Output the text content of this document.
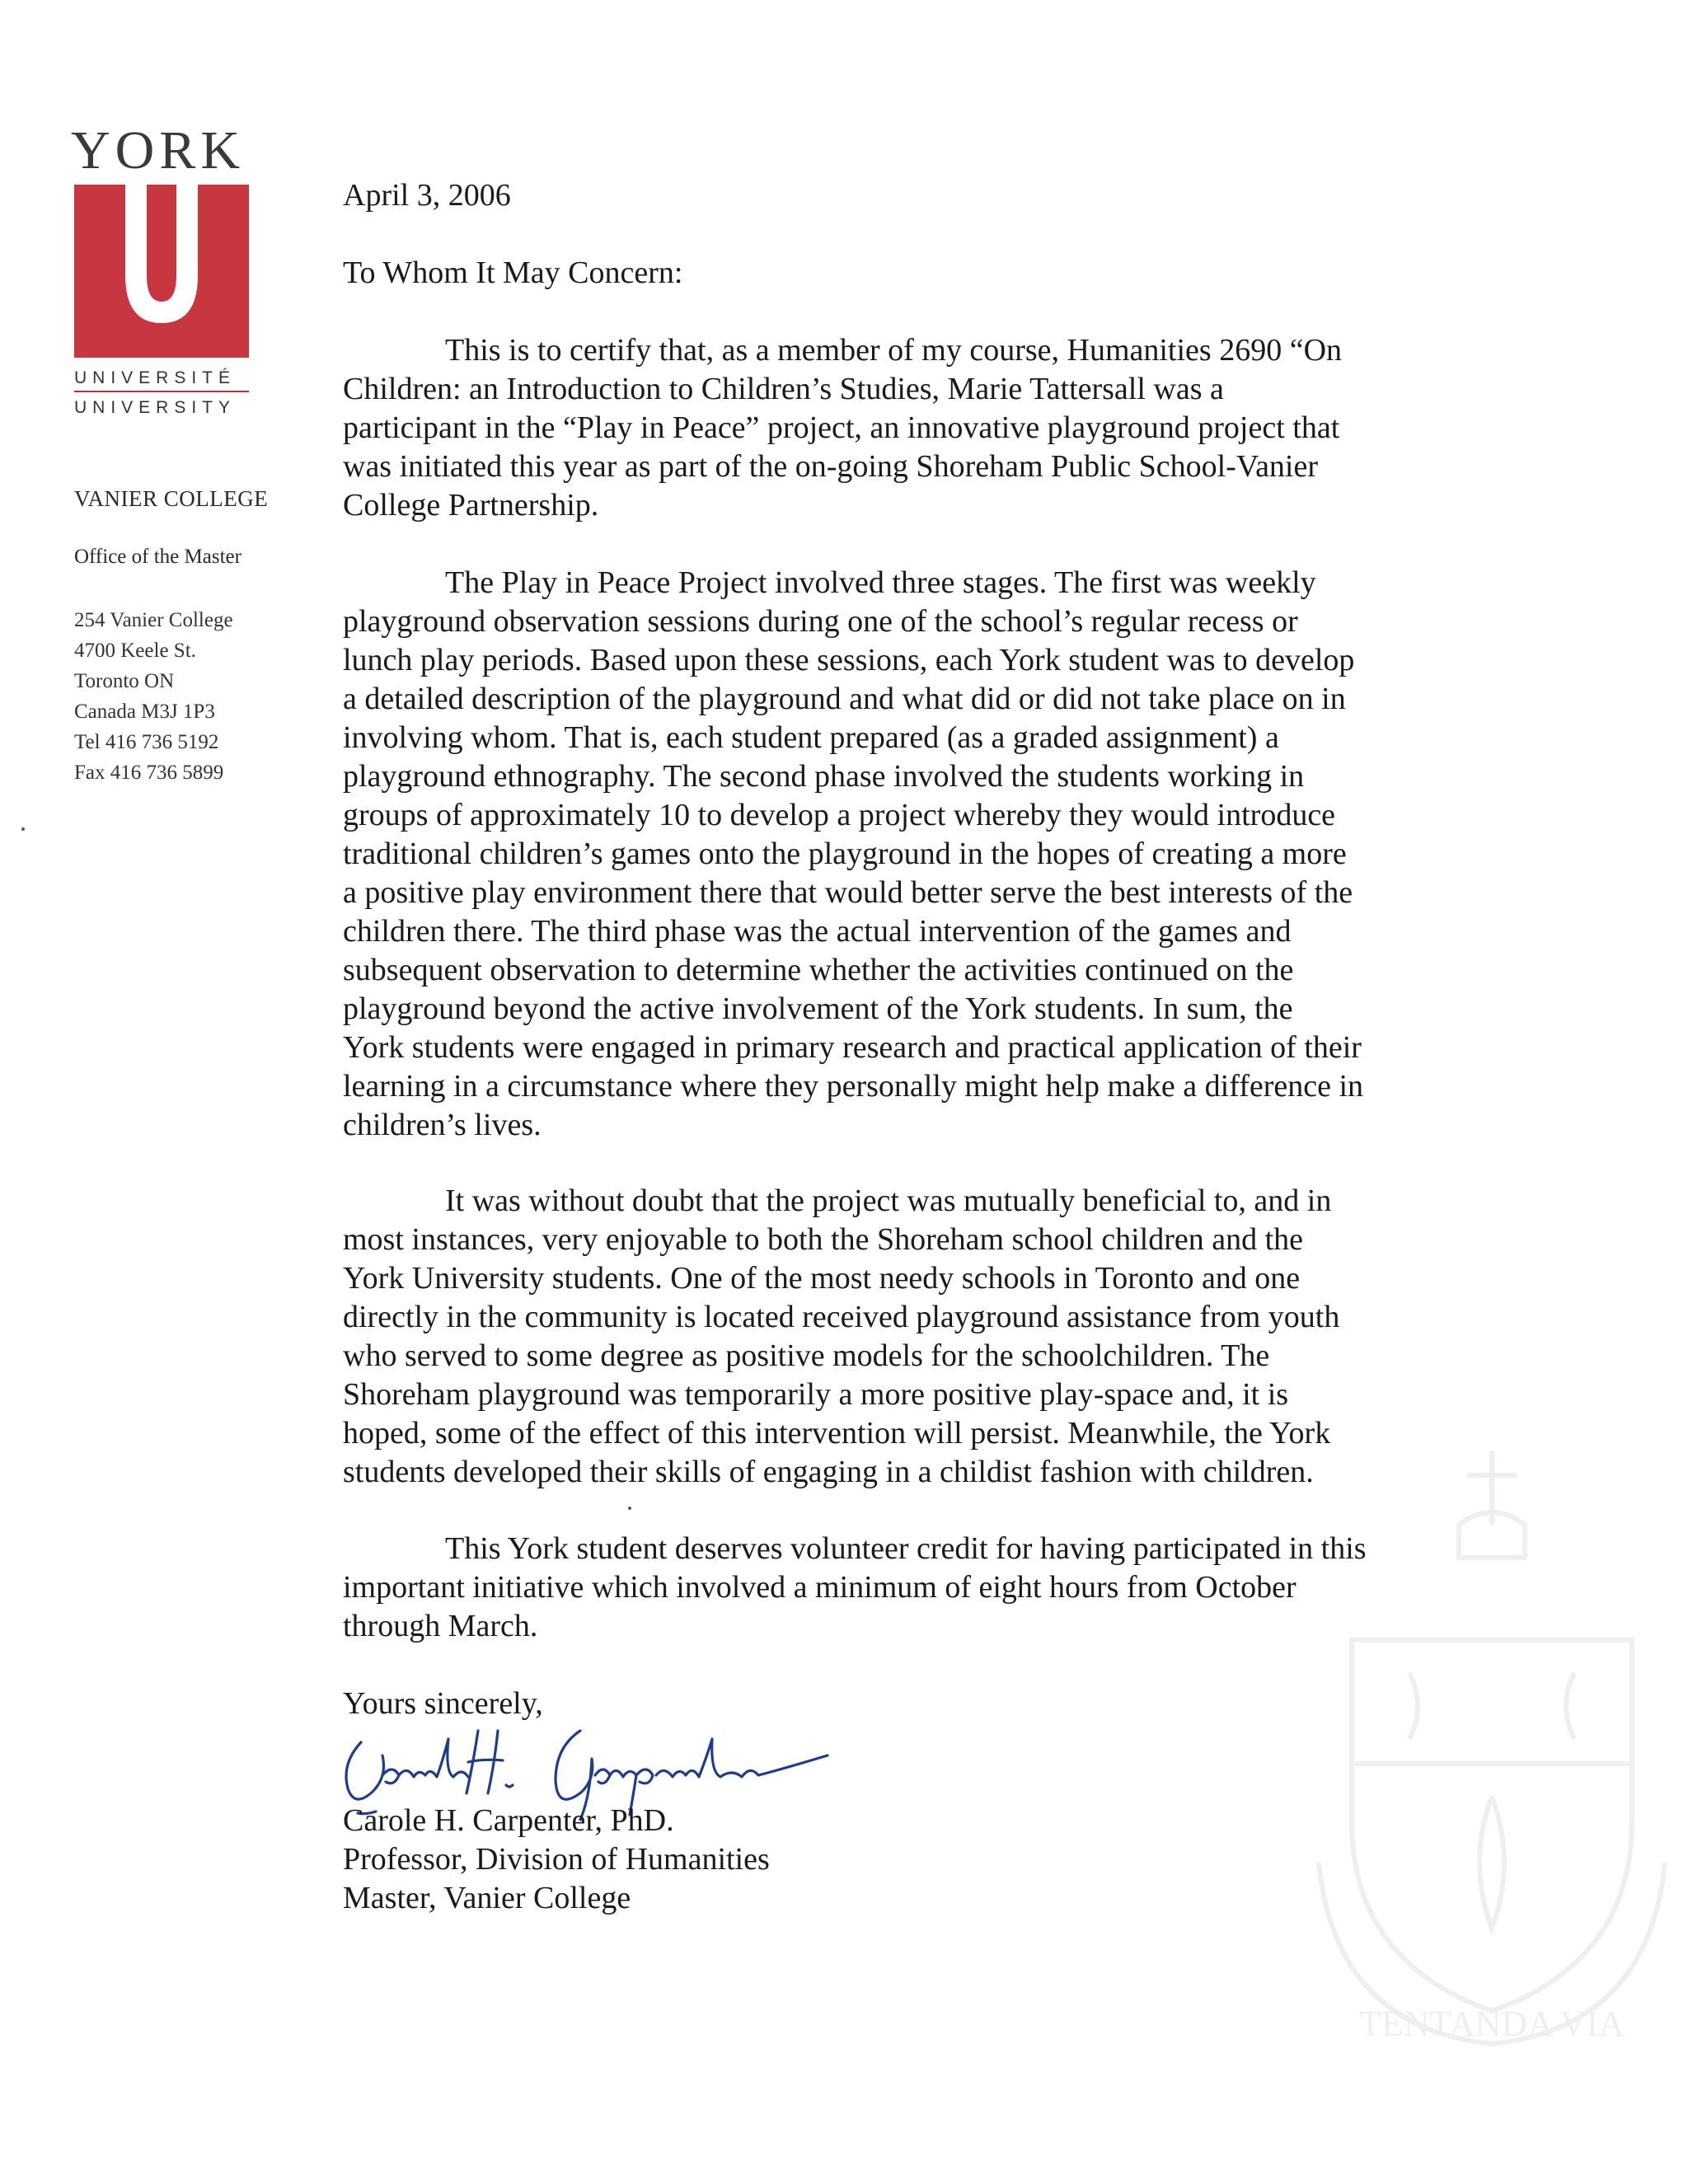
YORK
UNIVERSITÉ
UNIVERSITY
VANIER COLLEGE
Office of the Master
254 Vanier College
4700 Keele St.
Toronto ON
Canada M3J 1P3
Tel 416 736 5192
Fax 416 736 5899
TENTANDA VIA
April 3, 2006
To Whom It May Concern:
This is to certify that, as a member of my course, Humanities 2690 “On
Children: an Introduction to Children’s Studies, Marie Tattersall was a
participant in the “Play in Peace” project, an innovative playground project that
was initiated this year as part of the on-going Shoreham Public School-Vanier
College Partnership.
The Play in Peace Project involved three stages. The first was weekly
playground observation sessions during one of the school’s regular recess or
lunch play periods. Based upon these sessions, each York student was to develop
a detailed description of the playground and what did or did not take place on in
involving whom. That is, each student prepared (as a graded assignment) a
playground ethnography. The second phase involved the students working in
groups of approximately 10 to develop a project whereby they would introduce
traditional children’s games onto the playground in the hopes of creating a more
a positive play environment there that would better serve the best interests of the
children there. The third phase was the actual intervention of the games and
subsequent observation to determine whether the activities continued on the
playground beyond the active involvement of the York students. In sum, the
York students were engaged in primary research and practical application of their
learning in a circumstance where they personally might help make a difference in
children’s lives.
It was without doubt that the project was mutually beneficial to, and in
most instances, very enjoyable to both the Shoreham school children and the
York University students. One of the most needy schools in Toronto and one
directly in the community is located received playground assistance from youth
who served to some degree as positive models for the schoolchildren. The
Shoreham playground was temporarily a more positive play-space and, it is
hoped, some of the effect of this intervention will persist. Meanwhile, the York
students developed their skills of engaging in a childist fashion with children.
This York student deserves volunteer credit for having participated in this
important initiative which involved a minimum of eight hours from October
through March.
Yours sincerely,
Carole H. Carpenter, PhD.
Professor, Division of Humanities
Master, Vanier College
